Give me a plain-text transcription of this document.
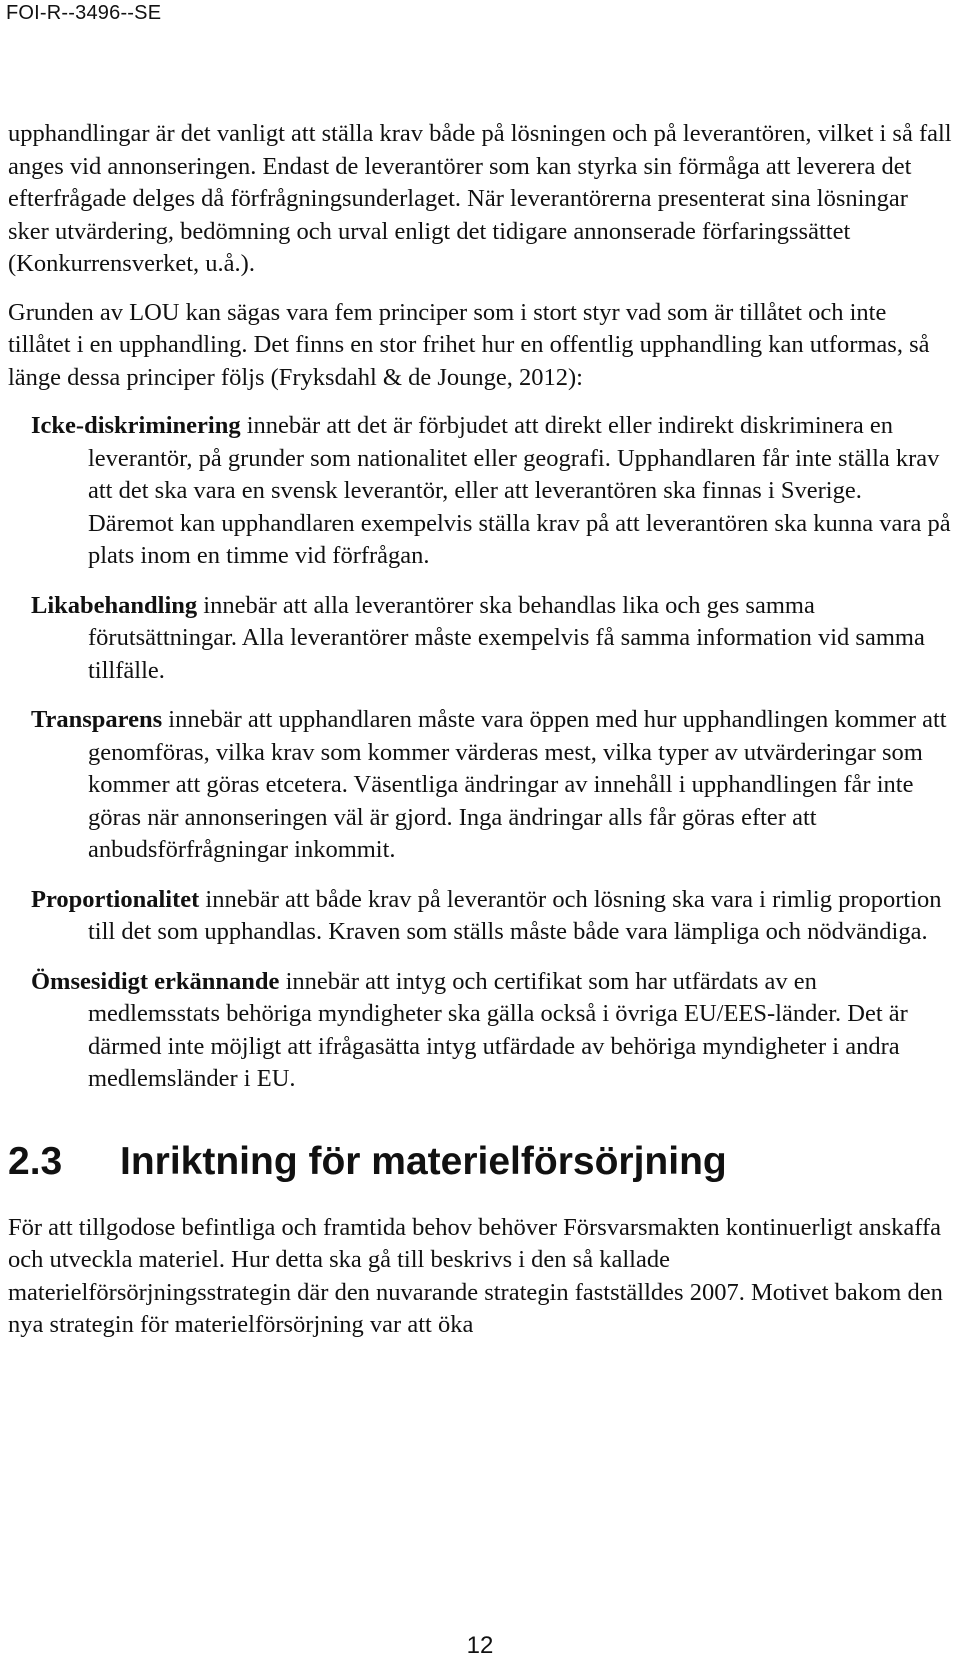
FOI-R--3496--SE

upphandlingar är det vanligt att ställa krav både på lösningen och på leverantören, vilket i så fall anges vid annonseringen. Endast de leverantörer som kan styrka sin förmåga att leverera det efterfrågade delges då förfrågningsunderlaget. När leverantörerna presenterat sina lösningar sker utvärdering, bedömning och urval enligt det tidigare annonserade förfaringssättet (Konkurrensverket, u.å.).

Grunden av LOU kan sägas vara fem principer som i stort styr vad som är tillåtet och inte tillåtet i en upphandling. Det finns en stor frihet hur en offentlig upphandling kan utformas, så länge dessa principer följs (Fryksdahl & de Jounge, 2012):

Icke-diskriminering innebär att det är förbjudet att direkt eller indirekt diskriminera en leverantör, på grunder som nationalitet eller geografi. Upphandlaren får inte ställa krav att det ska vara en svensk leverantör, eller att leverantören ska finnas i Sverige. Däremot kan upphandlaren exempelvis ställa krav på att leverantören ska kunna vara på plats inom en timme vid förfrågan.

Likabehandling innebär att alla leverantörer ska behandlas lika och ges samma förutsättningar. Alla leverantörer måste exempelvis få samma information vid samma tillfälle.

Transparens innebär att upphandlaren måste vara öppen med hur upphandlingen kommer att genomföras, vilka krav som kommer värderas mest, vilka typer av utvärderingar som kommer att göras etcetera. Väsentliga ändringar av innehåll i upphandlingen får inte göras när annonseringen väl är gjord. Inga ändringar alls får göras efter att anbudsförfrågningar inkommit.

Proportionalitet innebär att både krav på leverantör och lösning ska vara i rimlig proportion till det som upphandlas. Kraven som ställs måste både vara lämpliga och nödvändiga.

Ömsesidigt erkännande innebär att intyg och certifikat som har utfärdats av en medlemsstats behöriga myndigheter ska gälla också i övriga EU/EES-länder. Det är därmed inte möjligt att ifrågasätta intyg utfärdade av behöriga myndigheter i andra medlemsländer i EU.

2.3	Inriktning för materielförsörjning

För att tillgodose befintliga och framtida behov behöver Försvarsmakten kontinuerligt anskaffa och utveckla materiel. Hur detta ska gå till beskrivs i den så kallade materielförsörjningsstrategin där den nuvarande strategin fastställdes 2007. Motivet bakom den nya strategin för materielförsörjning var att öka

12
